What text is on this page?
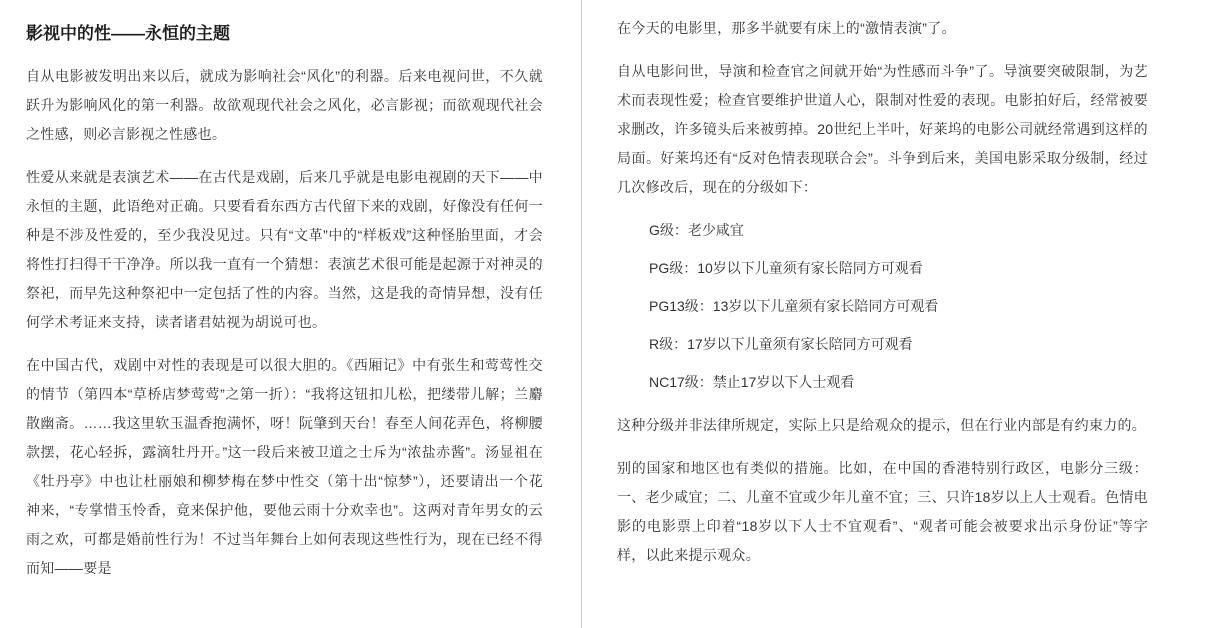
影视中的性——永恒的主题

自从电影被发明出来以后，就成为影响社会“风化”的利器。后来电视问世，不久就跃升为影响风化的第一利器。故欲观现代社会之风化，必言影视；而欲观现代社会之性感，则必言影视之性感也。

性爱从来就是表演艺术——在古代是戏剧，后来几乎就是电影电视剧的天下——中永恒的主题，此语绝对正确。只要看看东西方古代留下来的戏剧，好像没有任何一种是不涉及性爱的，至少我没见过。只有“文革”中的“样板戏”这种怪胎里面，才会将性打扫得干干净净。所以我一直有一个猜想：表演艺术很可能是起源于对神灵的祭祀，而早先这种祭祀中一定包括了性的内容。当然，这是我的奇情异想，没有任何学术考证来支持，读者诸君姑视为胡说可也。

在中国古代，戏剧中对性的表现是可以很大胆的。《西厢记》中有张生和莺莺性交的情节（第四本“草桥店梦莺莺”之第一折）：“我将这钮扣儿松，把缕带儿解；兰麝散幽斋。……我这里软玉温香抱满怀，呀！阮肇到天台！春至人间花弄色，将柳腰款摆，花心轻拆，露滴牡丹开。”这一段后来被卫道之士斥为“浓盐赤酱”。汤显祖在《牡丹亭》中也让杜丽娘和柳梦梅在梦中性交（第十出“惊梦”），还要请出一个花神来，“专掌惜玉怜香，竟来保护他，要他云雨十分欢幸也”。这两对青年男女的云雨之欢，可都是婚前性行为！不过当年舞台上如何表现这些性行为，现在已经不得而知——要是

在今天的电影里，那多半就要有床上的“激情表演”了。

自从电影问世，导演和检查官之间就开始“为性感而斗争”了。导演要突破限制，为艺术而表现性爱；检查官要维护世道人心，限制对性爱的表现。电影拍好后，经常被要求删改，许多镜头后来被剪掉。20世纪上半叶，好莱坞的电影公司就经常遇到这样的局面。好莱坞还有“反对色情表现联合会”。斗争到后来，美国电影采取分级制，经过几次修改后，现在的分级如下：

G级：老少咸宜

PG级：10岁以下儿童须有家长陪同方可观看

PG13级：13岁以下儿童须有家长陪同方可观看

R级：17岁以下儿童须有家长陪同方可观看

NC17级：禁止17岁以下人士观看

这种分级并非法律所规定，实际上只是给观众的提示，但在行业内部是有约束力的。

别的国家和地区也有类似的措施。比如，在中国的香港特别行政区，电影分三级：一、老少咸宜；二、儿童不宜或少年儿童不宜；三、只许18岁以上人士观看。色情电影的电影票上印着“18岁以下人士不宜观看”、“观者可能会被要求出示身份证”等字样，以此来提示观众。
